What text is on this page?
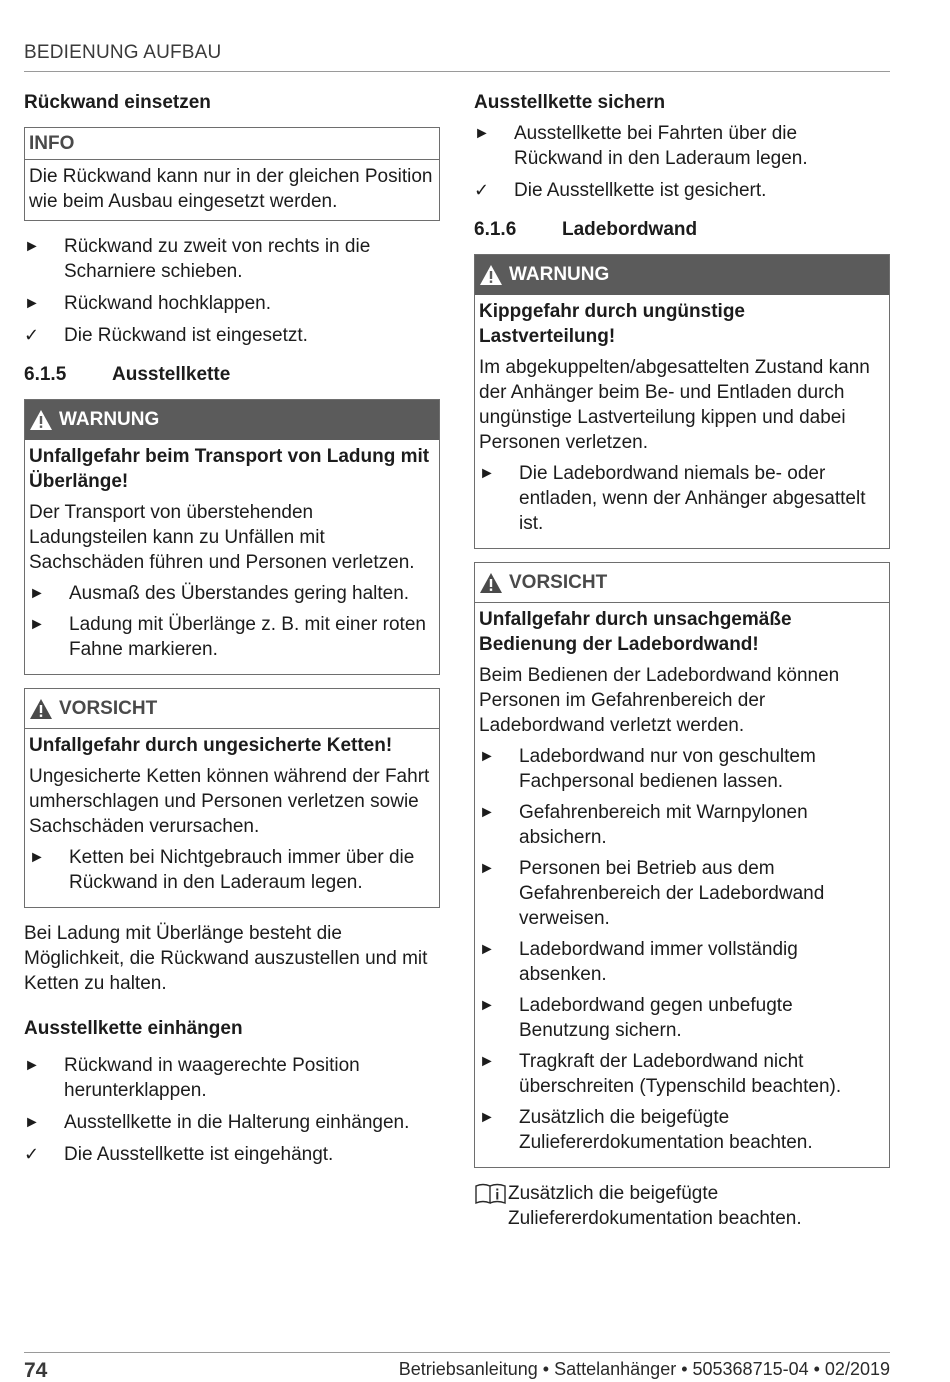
BEDIENUNG AUFBAU
Rückwand einsetzen
INFO
Die Rückwand kann nur in der gleichen Position wie beim Ausbau eingesetzt werden.
►	Rückwand zu zweit von rechts in die Scharniere schieben.
►	Rückwand hochklappen.
✓	Die Rückwand ist eingesetzt.
6.1.5	Ausstellkette
WARNUNG
Unfallgefahr beim Transport von Ladung mit Überlänge!
Der Transport von überstehenden Ladungsteilen kann zu Unfällen mit Sachschäden führen und Personen verletzen.
►	Ausmaß des Überstandes gering halten.
►	Ladung mit Überlänge z. B. mit einer roten Fahne markieren.
VORSICHT
Unfallgefahr durch ungesicherte Ketten!
Ungesicherte Ketten können während der Fahrt umherschlagen und Personen verletzen sowie Sachschäden verursachen.
►	Ketten bei Nichtgebrauch immer über die Rückwand in den Laderaum legen.
Bei Ladung mit Überlänge besteht die Möglichkeit, die Rückwand auszustellen und mit Ketten zu halten.
Ausstellkette einhängen
►	Rückwand in waagerechte Position herunterklappen.
►	Ausstellkette in die Halterung einhängen.
✓	Die Ausstellkette ist eingehängt.
Ausstellkette sichern
►	Ausstellkette bei Fahrten über die Rückwand in den Laderaum legen.
✓	Die Ausstellkette ist gesichert.
6.1.6	Ladebordwand
WARNUNG
Kippgefahr durch ungünstige Lastverteilung!
Im abgekuppelten/abgesattelten Zustand kann der Anhänger beim Be- und Entladen durch ungünstige Lastverteilung kippen und dabei Personen verletzen.
►	Die Ladebordwand niemals be- oder entladen, wenn der Anhänger abgesattelt ist.
VORSICHT
Unfallgefahr durch unsachgemäße Bedienung der Ladebordwand!
Beim Bedienen der Ladebordwand können Personen im Gefahrenbereich der Ladebordwand verletzt werden.
►	Ladebordwand nur von geschultem Fachpersonal bedienen lassen.
►	Gefahrenbereich mit Warnpylonen absichern.
►	Personen bei Betrieb aus dem Gefahrenbereich der Ladebordwand verweisen.
►	Ladebordwand immer vollständig absenken.
►	Ladebordwand gegen unbefugte Benutzung sichern.
►	Tragkraft der Ladebordwand nicht überschreiten (Typenschild beachten).
►	Zusätzlich die beigefügte Zuliefererdokumentation beachten.
Zusätzlich die beigefügte Zuliefererdokumentation beachten.
74	Betriebsanleitung • Sattelanhänger • 505368715-04 • 02/2019
